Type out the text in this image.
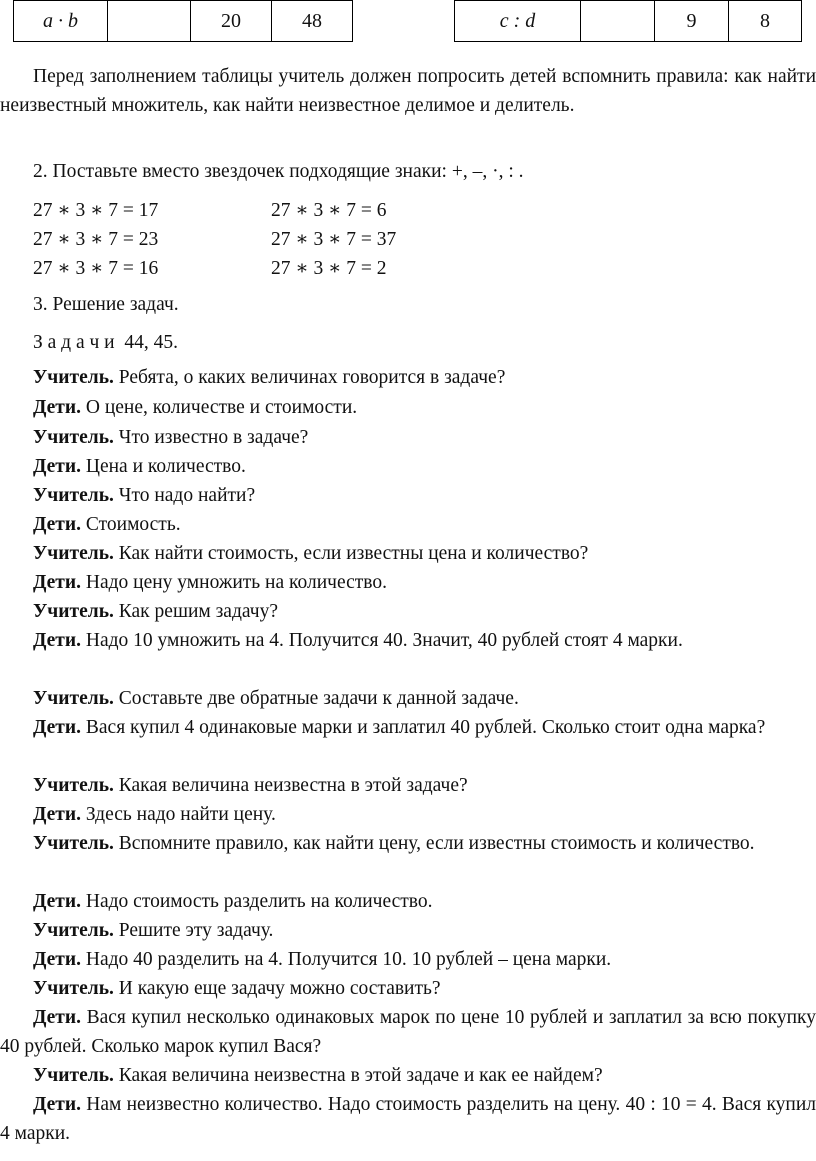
a · b		20	48	c : d		9	8

Перед заполнением таблицы учитель должен попросить детей вспомнить правила: как найти неизвестный множитель, как найти неизвестное делимое и делитель.

2. Поставьте вместо звездочек подходящие знаки: +, –, ·, : .

27 ∗ 3 ∗ 7 = 17	27 ∗ 3 ∗ 7 = 6
27 ∗ 3 ∗ 7 = 23	27 ∗ 3 ∗ 7 = 37
27 ∗ 3 ∗ 7 = 16	27 ∗ 3 ∗ 7 = 2

3. Решение задач.

З а д а ч и  44, 45.

Учитель. Ребята, о каких величинах говорится в задаче?

Дети. О цене, количестве и стоимости.

Учитель. Что известно в задаче?

Дети. Цена и количество.

Учитель. Что надо найти?

Дети. Стоимость.

Учитель. Как найти стоимость, если известны цена и количество?

Дети. Надо цену умножить на количество.

Учитель. Как решим задачу?

Дети. Надо 10 умножить на 4. Получится 40. Значит, 40 рублей стоят 4 марки.

Учитель. Составьте две обратные задачи к данной задаче.

Дети. Вася купил 4 одинаковые марки и заплатил 40 рублей. Сколько стоит одна марка?

Учитель. Какая величина неизвестна в этой задаче?

Дети. Здесь надо найти цену.

Учитель. Вспомните правило, как найти цену, если известны стоимость и количество.

Дети. Надо стоимость разделить на количество.

Учитель. Решите эту задачу.

Дети. Надо 40 разделить на 4. Получится 10. 10 рублей – цена марки.

Учитель. И какую еще задачу можно составить?

Дети. Вася купил несколько одинаковых марок по цене 10 рублей и заплатил за всю покупку 40 рублей. Сколько марок купил Вася?

Учитель. Какая величина неизвестна в этой задаче и как ее найдем?

Дети. Нам неизвестно количество. Надо стоимость разделить на цену. 40 : 10 = 4. Вася купил 4 марки.
